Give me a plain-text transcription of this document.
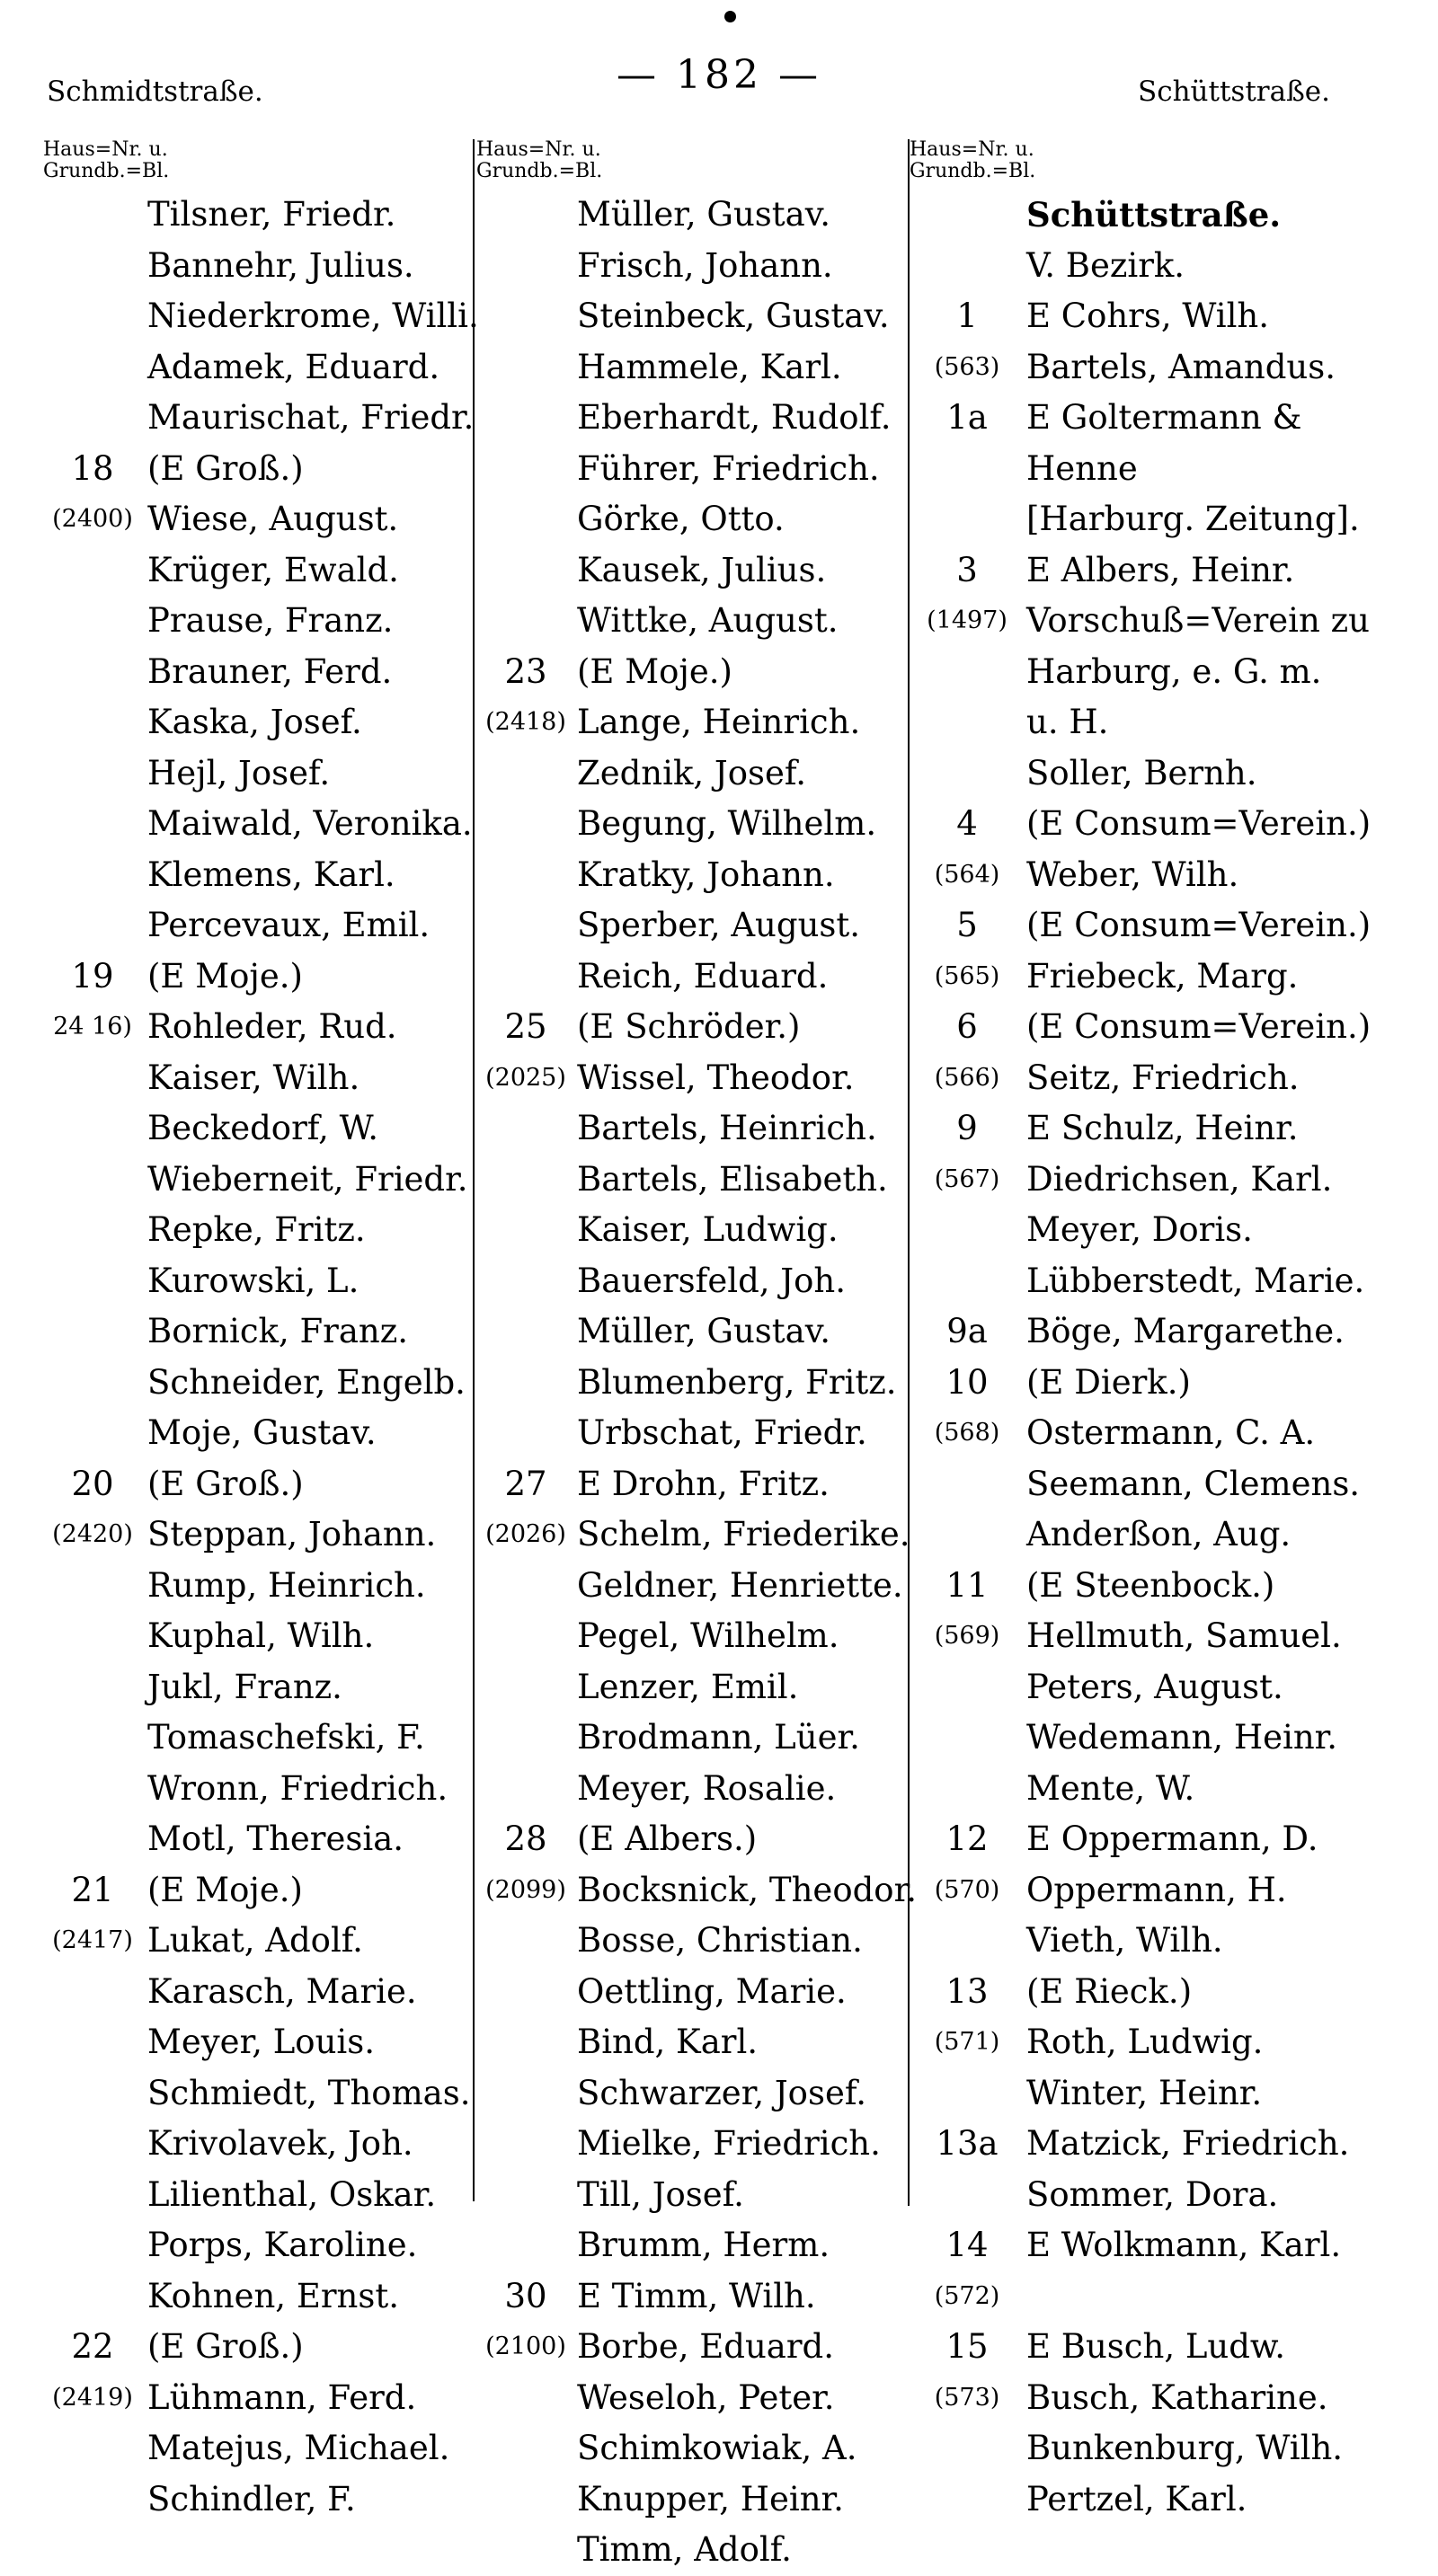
Schmidtstraße.	— 182 —	Schüttstraße.
Haus=Nr. u.
Grundb.=Bl.
Tilsner, Friedr.
Bannehr, Julius.
Niederkrome, Willi.
Adamek, Eduard.
Maurischat, Friedr.
18	(E Groß.)
(2400) Wiese, August.
Krüger, Ewald.
Prause, Franz.
Brauner, Ferd.
Kaska, Josef.
Hejl, Josef.
Maiwald, Veronika.
Klemens, Karl.
Percevaux, Emil.
19	(E Moje.)
24 16) Rohleder, Rud.
Kaiser, Wilh.
Beckedorf, W.
Wieberneit, Friedr.
Repke, Fritz.
Kurowski, L.
Bornick, Franz.
Schneider, Engelb.
Moje, Gustav.
20	(E Groß.)
(2420) Steppan, Johann.
Rump, Heinrich.
Kuphal, Wilh.
Jukl, Franz.
Tomaschefski, F.
Wronn, Friedrich.
Motl, Theresia.
21	(E Moje.)
(2417) Lukat, Adolf.
Karasch, Marie.
Meyer, Louis.
Schmiedt, Thomas.
Krivolavek, Joh.
Lilienthal, Oskar.
Porps, Karoline.
Kohnen, Ernst.
22	(E Groß.)
(2419) Lühmann, Ferd.
Matejus, Michael.
Schindler, F.
Haus=Nr. u.
Grundb.=Bl.
Müller, Gustav.
Frisch, Johann.
Steinbeck, Gustav.
Hammele, Karl.
Eberhardt, Rudolf.
Führer, Friedrich.
Görke, Otto.
Kausek, Julius.
Wittke, August.
23 (E Moje.)
(2418) Lange, Heinrich.
Zednik, Josef.
Begung, Wilhelm.
Kratky, Johann.
Sperber, August.
Reich, Eduard.
25 (E Schröder.)
(2025) Wissel, Theodor.
Bartels, Heinrich.
Bartels, Elisabeth.
Kaiser, Ludwig.
Bauersfeld, Joh.
Müller, Gustav.
Blumenberg, Fritz.
Urbschat, Friedr.
27 E Drohn, Fritz.
(2026) Schelm, Friederike.
Geldner, Henriette.
Pegel, Wilhelm.
Lenzer, Emil.
Brodmann, Lüer.
Meyer, Rosalie.
28 (E Albers.)
(2099) Bocksnick, Theodor.
Bosse, Christian.
Oettling, Marie.
Bind, Karl.
Schwarzer, Josef.
Mielke, Friedrich.
Till, Josef.
Brumm, Herm.
30 E Timm, Wilh.
(2100) Borbe, Eduard.
Weseloh, Peter.
Schimkowiak, A.
Knupper, Heinr.
Timm, Adolf.
Haus=Nr. u.
Grundb.=Bl.
Schüttstraße.
V. Bezirk.
1	E Cohrs, Wilh.
(563) Bartels, Amandus.
1a	E Goltermann &
Henne
[Harburg. Zeitung].
3	E Albers, Heinr.
(1497) Vorschuß=Verein zu
Harburg, e. G. m.
u. H.
Soller, Bernh.
4	(E Consum=Verein.)
(564) Weber, Wilh.
5	(E Consum=Verein.)
(565) Friebeck, Marg.
6	(E Consum=Verein.)
(566) Seitz, Friedrich.
9	E Schulz, Heinr.
(567) Diedrichsen, Karl.
Meyer, Doris.
Lübberstedt, Marie.
9a	Böge, Margarethe.
10	(E Dierk.)
(568) Ostermann, C. A.
Seemann, Clemens.
Anderßon, Aug.
11	(E Steenbock.)
(569) Hellmuth, Samuel.
Peters, August.
Wedemann, Heinr.
Mente, W.
12	E Oppermann, D.
(570) Oppermann, H.
Vieth, Wilh.
13	(E Rieck.)
(571) Roth, Ludwig.
Winter, Heinr.
13a Matzick, Friedrich.
Sommer, Dora.
14	E Wolkmann, Karl.
(572)
15	E Busch, Ludw.
(573) Busch, Katharine.
Bunkenburg, Wilh.
Pertzel, Karl.
